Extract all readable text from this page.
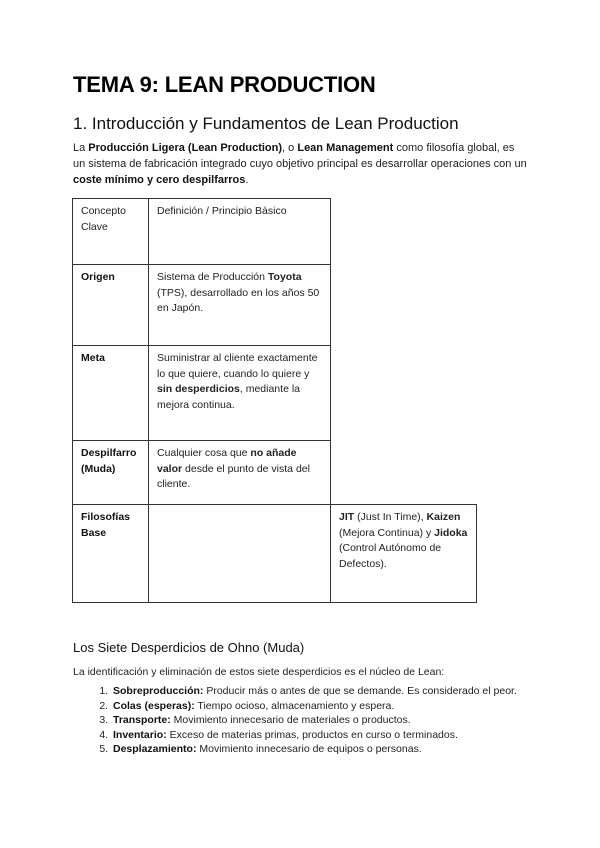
TEMA 9: LEAN PRODUCTION
1. Introducción y Fundamentos de Lean Production

La Producción Ligera (Lean Production), o Lean Management como filosofía global, es un sistema de fabricación integrado cuyo objetivo principal es desarrollar operaciones con un coste mínimo y cero despilfarros.

Concepto Clave	Definición / Principio Básico	
Origen	Sistema de Producción Toyota (TPS), desarrollado en los años 50 en Japón.	
Meta	Suministrar al cliente exactamente lo que quiere, cuando lo quiere y sin desperdicios, mediante la mejora continua.	
Despilfarro (Muda)	Cualquier cosa que no añade valor desde el punto de vista del cliente.	
Filosofías Base		JIT (Just In Time), Kaizen (Mejora Continua) y Jidoka (Control Autónomo de Defectos).
Los Siete Desperdicios de Ohno (Muda)

La identificación y eliminación de estos siete desperdicios es el núcleo de Lean:

1. Sobreproducción: Producir más o antes de que se demande. Es considerado el peor.
2. Colas (esperas): Tiempo ocioso, almacenamiento y espera.
3. Transporte: Movimiento innecesario de materiales o productos.
4. Inventario: Exceso de materias primas, productos en curso o terminados.
5. Desplazamiento: Movimiento innecesario de equipos o personas.
